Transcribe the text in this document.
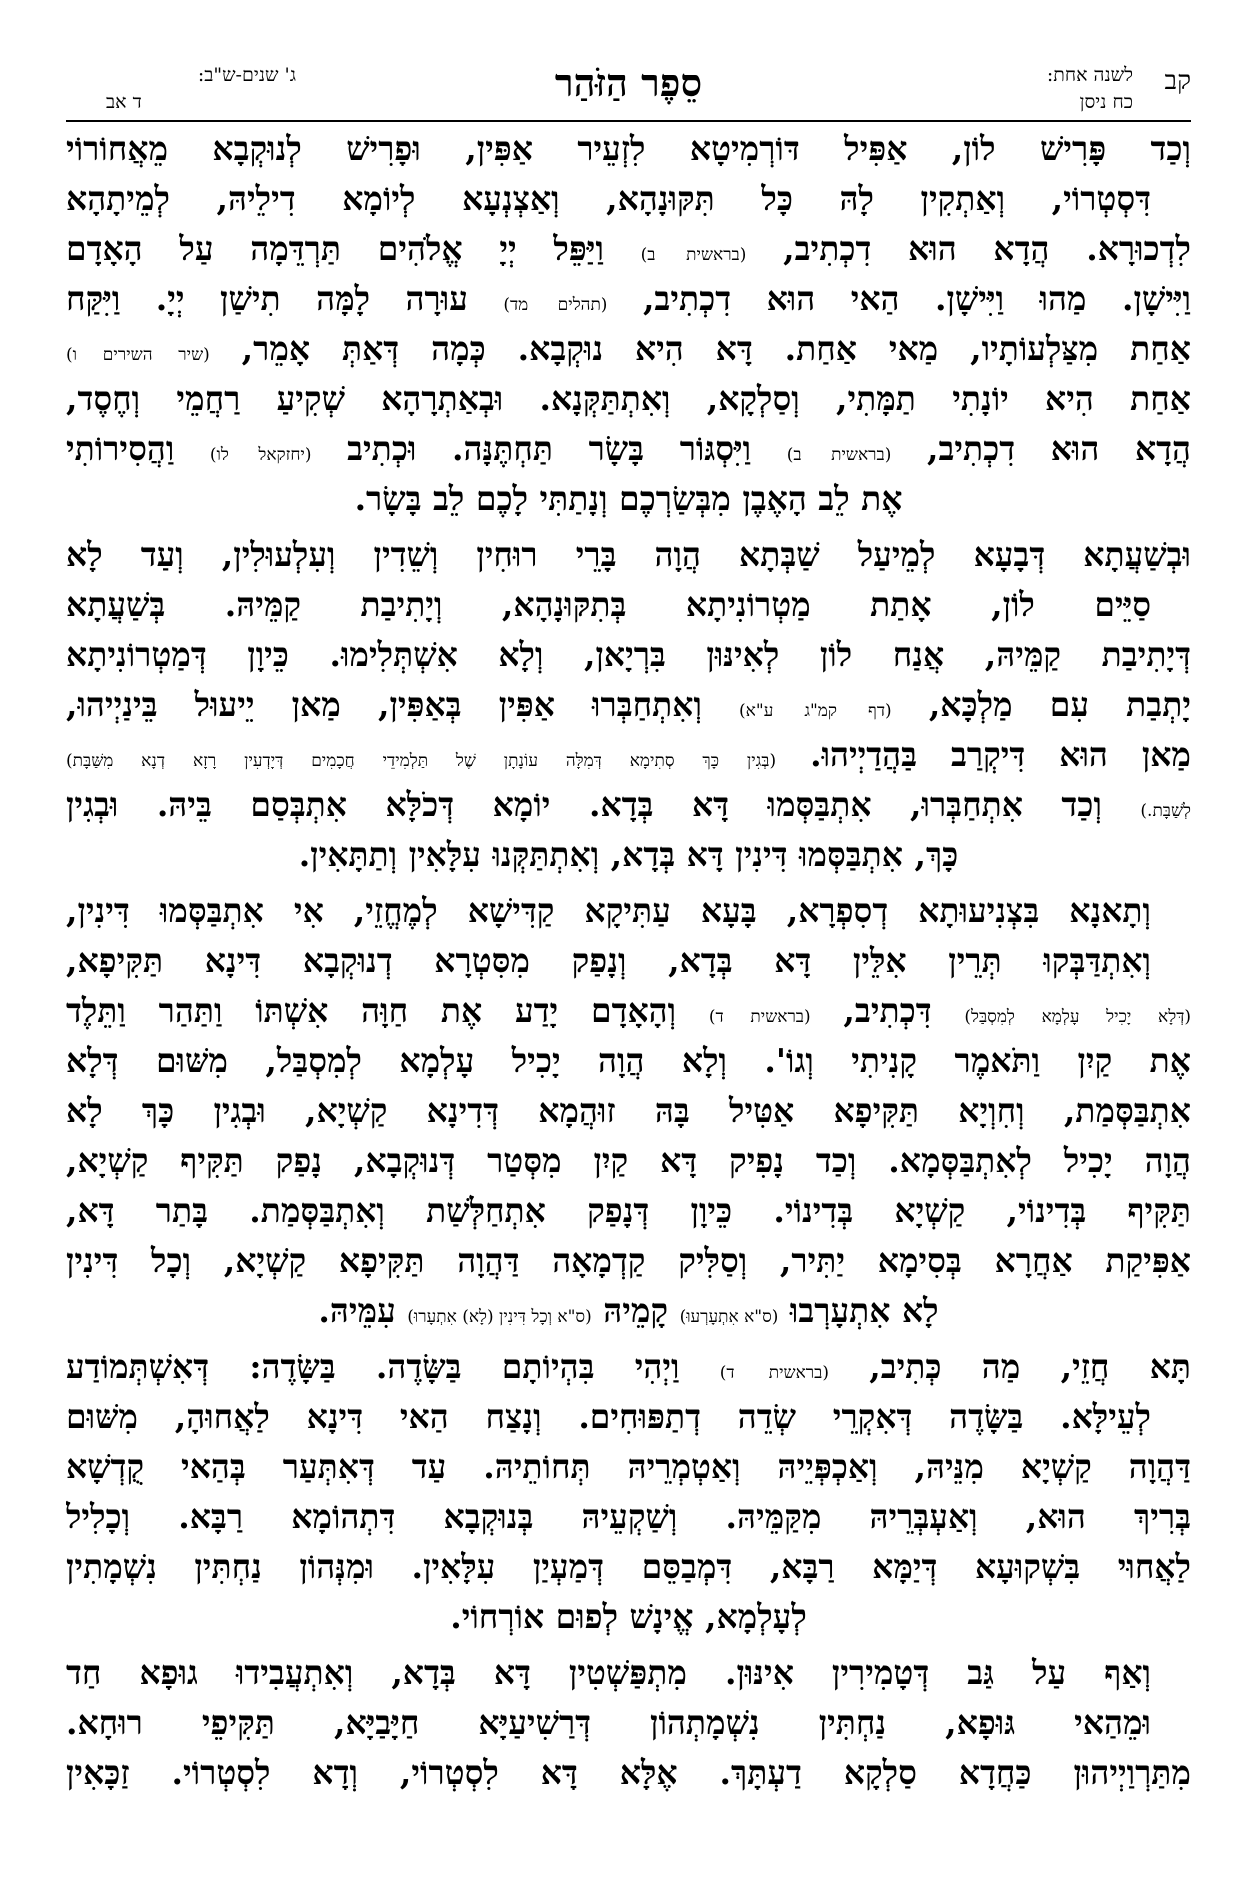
קב
לשנה אחת:
כח ניסן
סֵפֶר הַזֹּהַר
ג' שנים-ש"ב:
ד אב
וְכַד פָּרִישׁ לוֹן, אַפִּיל דּוֹרְמִיטָא לִזְעֵיר אַפִּין, וּפָרִישׁ לְנוּקְבָא מֵאֲחוֹרוֹי
דִּסְטְרוֹי, וְאַתְקִין לָהּ כָּל תִּקּוּנָהָא, וְאַצְנְעָא לְיוֹמָא דִילֵיהּ, לְמֵיתָהָא
לִדְכוּרָא. הֲדָא הוּא דִכְתִיב, (בראשית ב) וַיַּפֵּל יְיָ אֱלֹהִים תַּרְדֵּמָה עַל הָאָדָם
וַיִּישָׁן. מַהוּ וַיִּישָׁן. הַאי הוּא דִכְתִיב, (תהלים מד) עוּרָה לָמָּה תִישַׁן יְיָ. וַיִּקַּח
אַחַת מִצַּלְעוֹתָיו, מַאי אַחַת. דָּא הִיא נוּקְבָא. כְּמָה דְּאַתְּ אָמֵר, (שיר השירים ו)
אַחַת הִיא יוֹנָתִי תַמָּתִי, וְסַלְקָא, וְאִתְתַּקְּנָא. וּבְאַתְרָהָא שְׁקִיעַ רַחֲמֵי וְחֶסֶד,
הֲדָא הוּא דִכְתִיב, (בראשית ב) וַיִּסְגּוֹר בָּשָׂר תַּחְתֶּנָּה. וּכְתִיב (יחזקאל לו) וַהֲסִירוֹתִי
אֶת לֵב הָאֶבֶן מִבְּשַׂרְכֶם וְנָתַתִּי לָכֶם לֵב בָּשָׂר.
וּבְשַׁעֲתָא דְּבָעָא לְמֵיעַל שַׁבְּתָא הֲוָה בָּרֵי רוּחִין וְשֵׁדִין וְעִלְעוּלִין, וְעַד לָא
סַיֵּים לוֹן, אָתַת מַטְרוֹנִיתָא בְּתִקּוּנָהָא, וְיָתִיבַת קַמֵּיהּ. בְּשַׁעֲתָא
דְּיָתִיבַת קַמֵּיהּ, אֲנַח לוֹן לְאִינּוּן בִּרְיָאן, וְלָא אִשְׁתְּלִימוּ. כֵּיוָן דְּמַטְרוֹנִיתָא
יָתְבַת עִם מַלְכָּא, (דף קמ"ג ע"א) וְאִתְחַבְּרוּ אַפִּין בְּאַפִּין, מַאן יֵיעוּל בֵּינַיְיהוּ,
מַאן הוּא דִּיקְרַב בַּהֲדַיְיהוּ. (בְּגִין כָּךְ סְתִימָא דְּמִלָּה עוֹנָתָן שֶׁל תַּלְמִידֵי חֲכָמִים דְּיָדְעִין רָזָא דְנָא מִשַּׁבָּת)
לְשַׁבָּת.) וְכַד אִתְחַבְּרוּ, אִתְבַּסְּמוּ דָּא בְּדָא. יוֹמָא דְּכֹלָּא אִתְבְּסַם בֵּיהּ. וּבְגִין
כָּךְ, אִתְבַּסְּמוּ דִּינִין דָּא בְּדָא, וְאִתְתַּקְּנוּ עִלָּאִין וְתַתָּאִין.
וְתָאנָא בִּצְנִיעוּתָא דְסִפְרָא, בָּעָא עַתִּיקָא קַדִּישָׁא לְמֶחֱזֵי, אִי אִתְבַּסְּמוּ דִּינִין,
וְאִתְדַּבְּקוּ תְּרֵין אִלֵּין דָּא בְּדָא, וְנָפַק מִסִּטְרָא דְנוּקְבָא דִּינָא תַּקִּיפָא,
(דְּלָא יָכִיל עָלְמָא לְמִסְבַּל) דִּכְתִיב, (בראשית ד) וְהָאָדָם יָדַע אֶת חַוָּה אִשְׁתּוֹ וַתַּהַר וַתֵּלֶד
אֶת קַיִן וַתֹּאמֶר קָנִיתִי וְגוֹ'. וְלָא הֲוָה יָכִיל עָלְמָא לְמִסְבַּל, מִשּׁוּם דְּלָא
אִתְבַּסְּמַת, וְחִוְיָא תַּקִּיפָא אַטִּיל בָּהּ זוּהֲמָא דְּדִינָא קַשְׁיָא, וּבְגִין כָּךְ לָא
הֲוָה יָכִיל לְאִתְבַּסְּמָא. וְכַד נָפִיק דָּא קַיִן מִסְּטַר דְּנוּקְבָא, נָפַק תַּקִּיף קַשְׁיָא,
תַּקִּיף בְּדִינוֹי, קַשְׁיָא בְּדִינוֹי. כֵּיוָן דְּנָפַק אִתְחַלְּשַׁת וְאִתְבַּסְּמַת. בָּתַר דָּא,
אַפִּיקַת אַחֲרָא בְּסִימָא יַתִּיר, וְסַלִּיק קַדְמָאָה דַּהֲוָה תַּקִּיפָא קַשְׁיָא, וְכָל דִּינִין
לָא אִתְעָרְבוּ (ס"א אִתְעָרְעוּ) קָמֵיהּ (ס"א וְכָל דִּינִין (לָא) אִתְעָרוּ) עִמֵּיהּ.
תָּא חֲזֵי, מַה כְּתִיב, (בראשית ד) וַיְהִי בִּהְיוֹתָם בַּשָּׂדֶה. בַּשָּׂדֶה: דְּאִשְׁתְּמוֹדַע
לְעֵילָּא. בַּשָּׂדֶה דְּאִקְרֵי שְׂדֵה דְתַפּוּחִים. וְנָצַח הַאי דִּינָא לַאֲחוּהָ, מִשּׁוּם
דַּהֲוָה קַשְׁיָא מִנֵּיהּ, וְאַכְפְּיֵיהּ וְאַטְמְרֵיהּ תְּחוֹתֵיהּ. עַד דְּאִתְּעַר בְּהַאי קֻדְשָׁא
בְּרִיךְ הוּא, וְאַעְבְּרֵיהּ מִקַּמֵּיהּ. וְשַׁקְעֵיהּ בְּנוּקְבָא דִּתְהוֹמָא רַבָּא. וְכָלִיל
לַאֲחוּי בִּשְׁקוּעָא דְּיַמָּא רַבָּא, דִּמְבַסֵּם דְּמַעְיַן עִלָּאִין. וּמִנְּהוֹן נַחְתִּין נִשְׁמָתִין
לְעָלְמָא, אֱינָשׁ לְפוּם אוֹרְחוֹי.
וְאַף עַל גַּב דְּטָמִירִין אִינּוּן. מִתְפַּשְׁטִין דָּא בְּדָא, וְאִתְעֲבִידוּ גוּפָא חַד
וּמֵהַאי גּוּפָא, נַחְתִּין נִשְׁמָתְהוֹן דְּרַשִׁיעַיָּא חַיָּבַיָּא, תַּקִּיפֵי רוּחָא.
מִתַּרְוַיְיהוּן כַּחֲדָא סַלְקָא דַעְתָּךְ. אֶלָּא דָּא לִסְטְרוֹי, וְדָא לִסְטְרוֹי. זַכָּאִין
